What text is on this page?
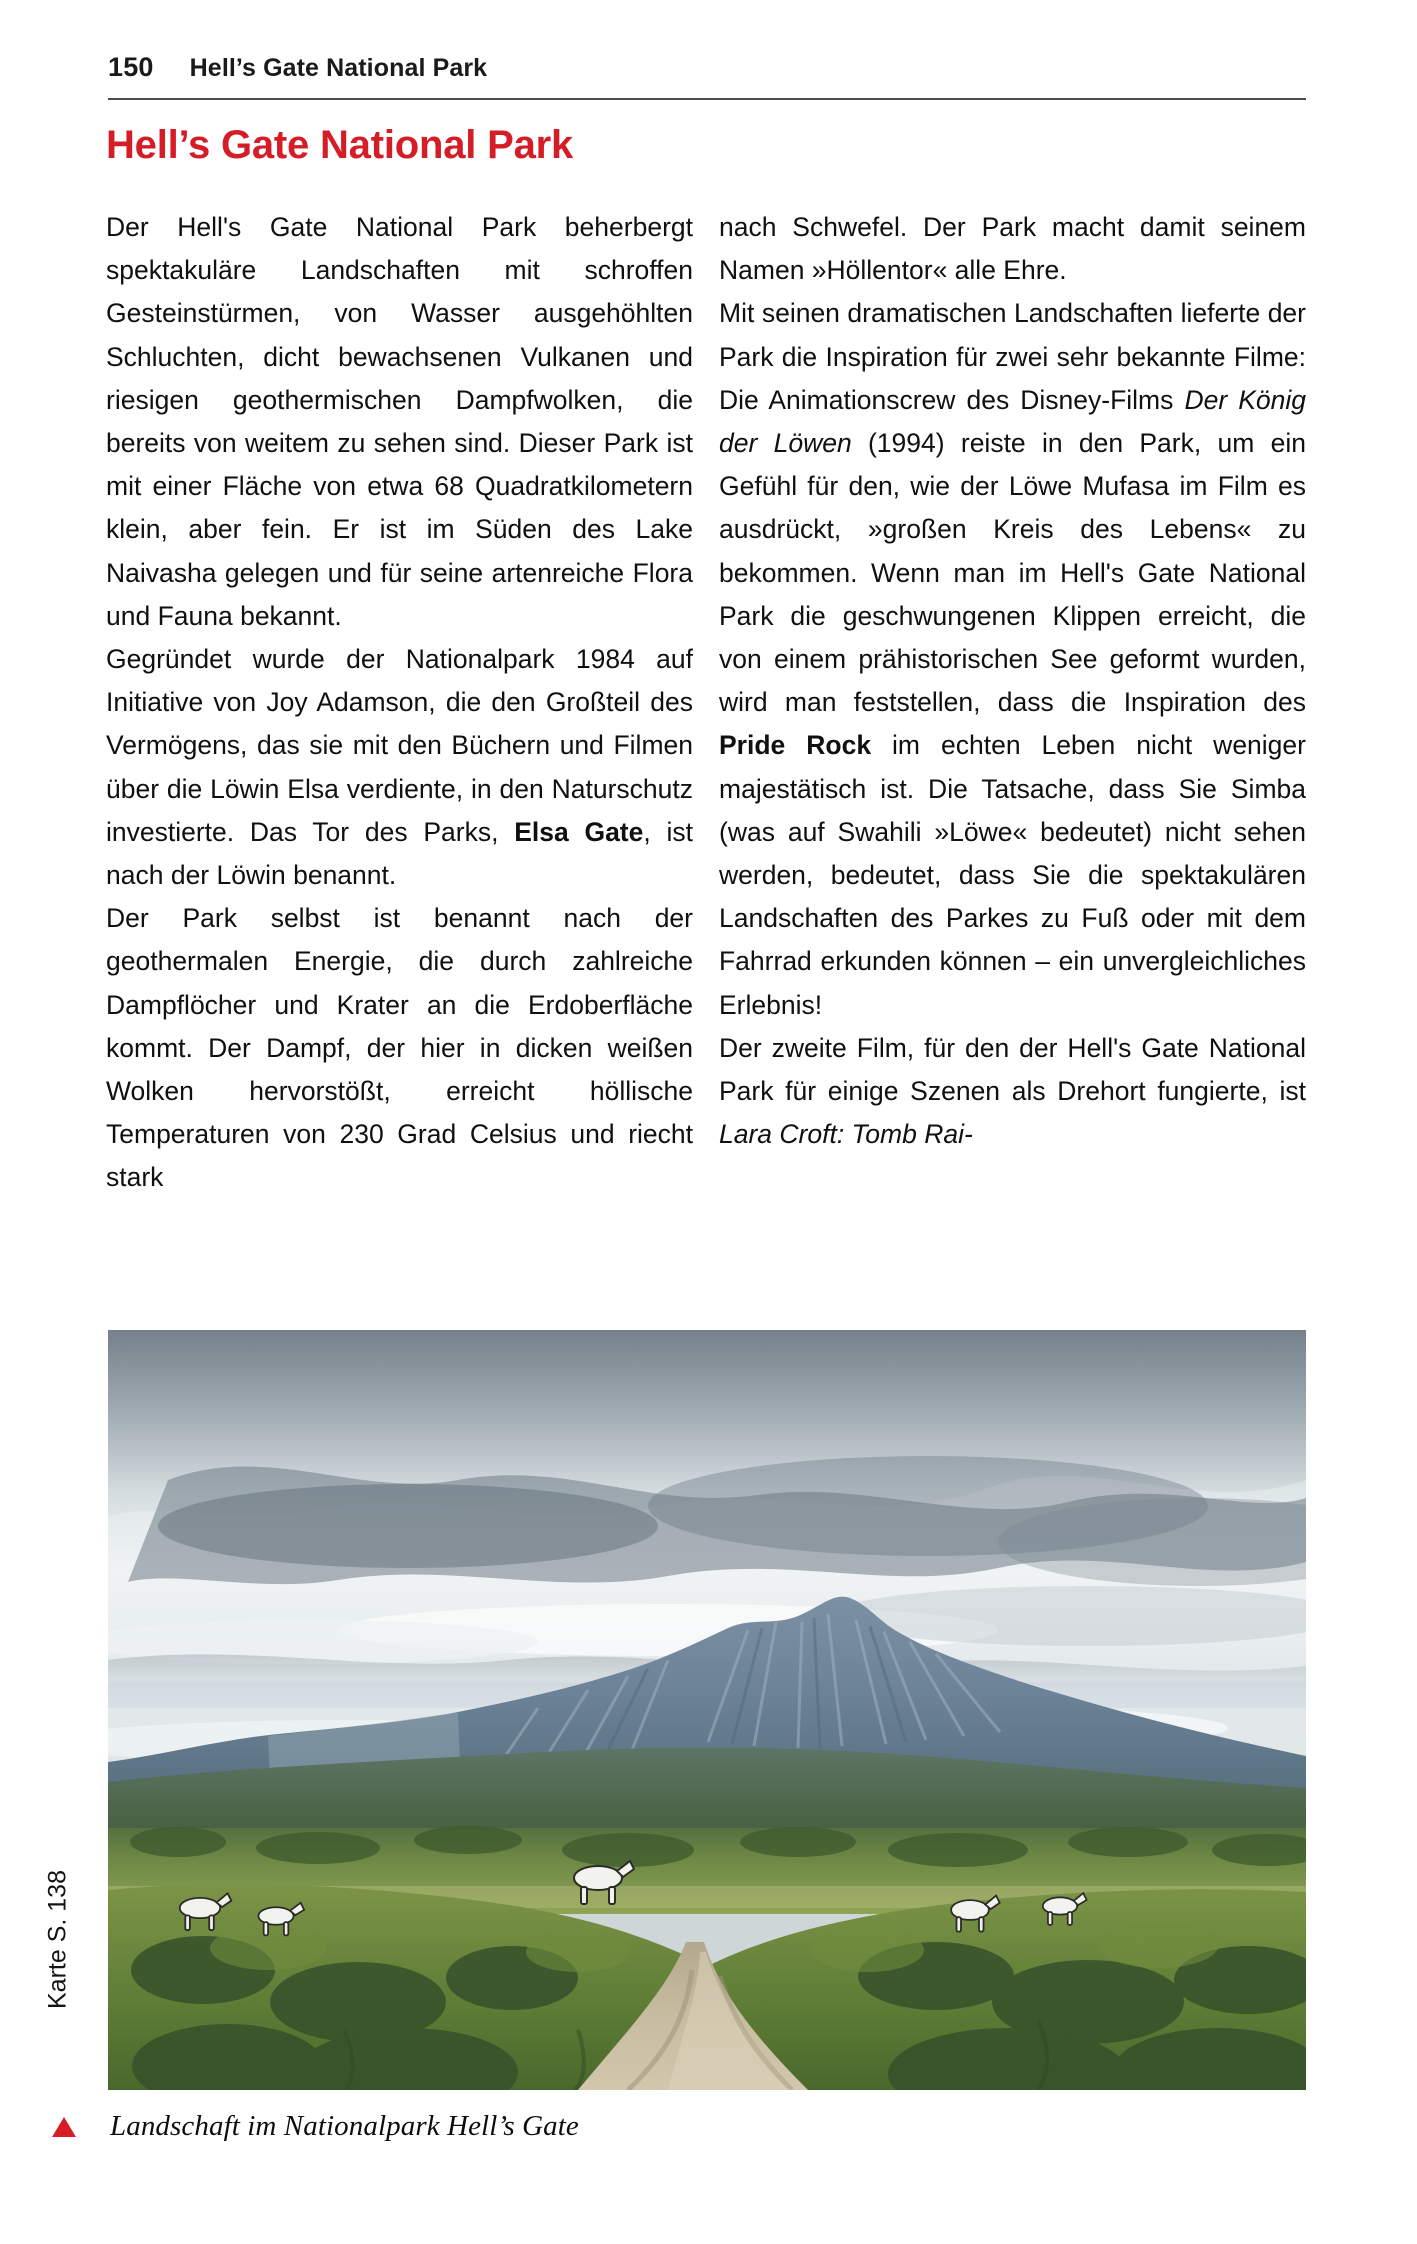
150 Hell’s Gate National Park
Hell’s Gate National Park

Der Hell's Gate National Park beherbergt spektakuläre Landschaften mit schroffen Gesteinstürmen, von Wasser ausgehöhlten Schluchten, dicht bewachsenen Vulkanen und riesigen geothermischen Dampfwolken, die bereits von weitem zu sehen sind. Dieser Park ist mit einer Fläche von etwa 68 Quadratkilometern klein, aber fein. Er ist im Süden des Lake Naivasha gelegen und für seine artenreiche Flora und Fauna bekannt.

Gegründet wurde der Nationalpark 1984 auf Initiative von Joy Adamson, die den Großteil des Vermögens, das sie mit den Büchern und Filmen über die Löwin Elsa verdiente, in den Naturschutz investierte. Das Tor des Parks, Elsa Gate, ist nach der Löwin benannt.

Der Park selbst ist benannt nach der geothermalen Energie, die durch zahlreiche Dampflöcher und Krater an die Erdoberfläche kommt. Der Dampf, der hier in dicken weißen Wolken hervorstößt, erreicht höllische Temperaturen von 230 Grad Celsius und riecht stark

nach Schwefel. Der Park macht damit seinem Namen »Höllentor« alle Ehre.

Mit seinen dramatischen Landschaften lieferte der Park die Inspiration für zwei sehr bekannte Filme: Die Animationscrew des Disney-Films Der König der Löwen (1994) reiste in den Park, um ein Gefühl für den, wie der Löwe Mufasa im Film es ausdrückt, »großen Kreis des Lebens« zu bekommen. Wenn man im Hell's Gate National Park die geschwungenen Klippen erreicht, die von einem prähistorischen See geformt wurden, wird man feststellen, dass die Inspiration des Pride Rock im echten Leben nicht weniger majestätisch ist. Die Tatsache, dass Sie Simba (was auf Swahili »Löwe« bedeutet) nicht sehen werden, bedeutet, dass Sie die spektakulären Landschaften des Parkes zu Fuß oder mit dem Fahrrad erkunden können – ein unvergleichliches Erlebnis!

Der zweite Film, für den der Hell's Gate National Park für einige Szenen als Drehort fungierte, ist Lara Croft: Tomb Rai-

Landschaft im Nationalpark Hell’s Gate
Karte S. 138
